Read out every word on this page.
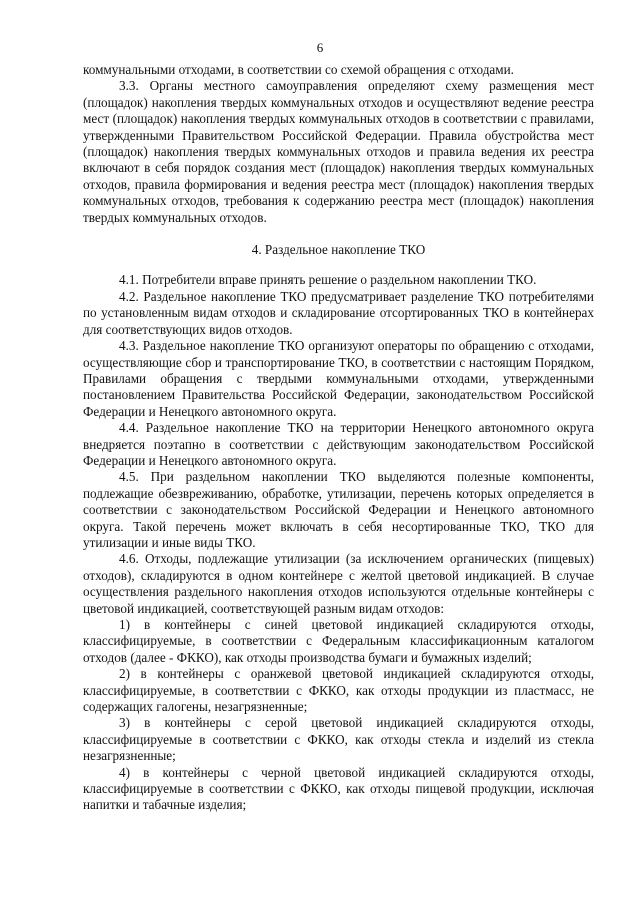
6

коммунальными отходами, в соответствии со схемой обращения с отходами.

3.3. Органы местного самоуправления определяют схему размещения мест (площадок) накопления твердых коммунальных отходов и осуществляют ведение реестра мест (площадок) накопления твердых коммунальных отходов в соответствии с правилами, утвержденными Правительством Российской Федерации. Правила обустройства мест (площадок) накопления твердых коммунальных отходов и правила ведения их реестра включают в себя порядок создания мест (площадок) накопления твердых коммунальных отходов, правила формирования и ведения реестра мест (площадок) накопления твердых коммунальных отходов, требования к содержанию реестра мест (площадок) накопления твердых коммунальных отходов.

4. Раздельное накопление ТКО

4.1. Потребители вправе принять решение о раздельном накоплении ТКО.

4.2. Раздельное накопление ТКО предусматривает разделение ТКО потребителями по установленным видам отходов и складирование отсортированных ТКО в контейнерах для соответствующих видов отходов.

4.3. Раздельное накопление ТКО организуют операторы по обращению с отходами, осуществляющие сбор и транспортирование ТКО, в соответствии с настоящим Порядком, Правилами обращения с твердыми коммунальными отходами, утвержденными постановлением Правительства Российской Федерации, законодательством Российской Федерации и Ненецкого автономного округа.

4.4. Раздельное накопление ТКО на территории Ненецкого автономного округа внедряется поэтапно в соответствии с действующим законодательством Российской Федерации и Ненецкого автономного округа.

4.5. При раздельном накоплении ТКО выделяются полезные компоненты, подлежащие обезвреживанию, обработке, утилизации, перечень которых определяется в соответствии с законодательством Российской Федерации и Ненецкого автономного округа. Такой перечень может включать в себя несортированные ТКО, ТКО для утилизации и иные виды ТКО.

4.6. Отходы, подлежащие утилизации (за исключением органических (пищевых) отходов), складируются в одном контейнере с желтой цветовой индикацией. В случае осуществления раздельного накопления отходов используются отдельные контейнеры с цветовой индикацией, соответствующей разным видам отходов:

1) в контейнеры с синей цветовой индикацией складируются отходы, классифицируемые, в соответствии с Федеральным классификационным каталогом отходов (далее - ФККО), как отходы производства бумаги и бумажных изделий;

2) в контейнеры с оранжевой цветовой индикацией складируются отходы, классифицируемые, в соответствии с ФККО, как отходы продукции из пластмасс, не содержащих галогены, незагрязненные;

3) в контейнеры с серой цветовой индикацией складируются отходы, классифицируемые в соответствии с ФККО, как отходы стекла и изделий из стекла незагрязненные;

4) в контейнеры с черной цветовой индикацией складируются отходы, классифицируемые в соответствии с ФККО, как отходы пищевой продукции, исключая напитки и табачные изделия;
